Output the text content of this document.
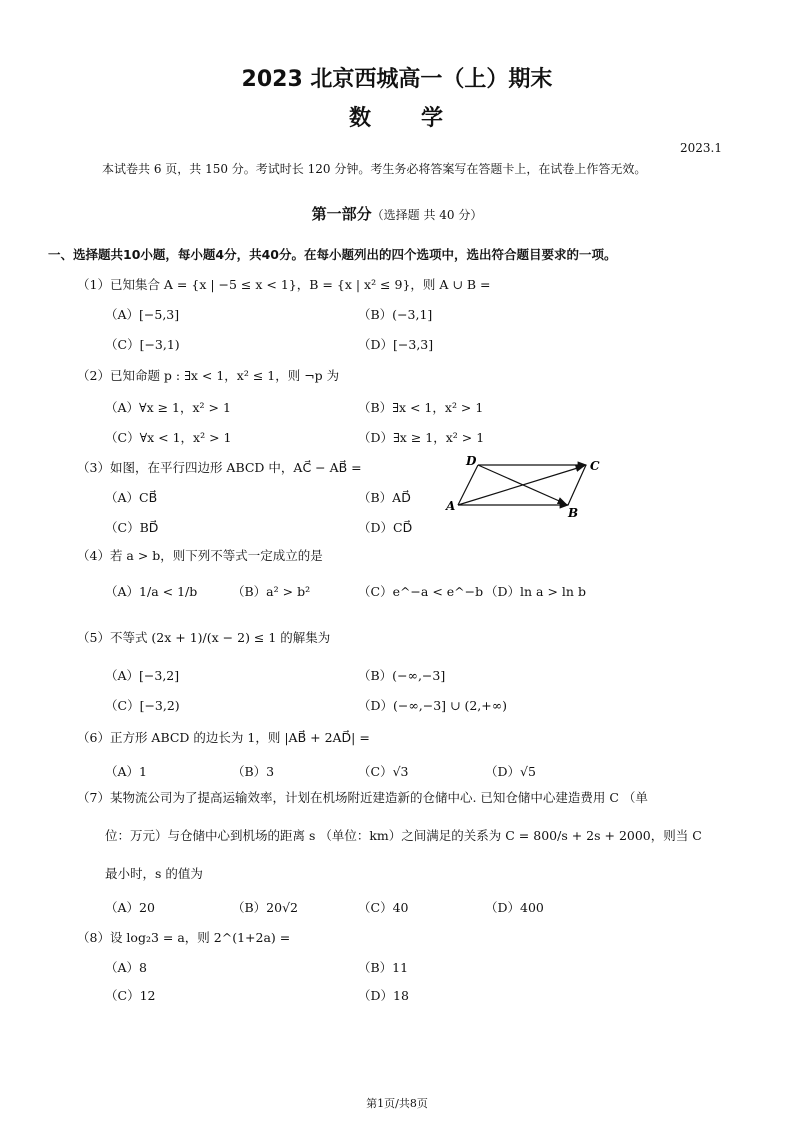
2023 北京西城高一（上）期末
数　　学
2023.1
本试卷共 6 页，共 150 分。考试时长 120 分钟。考生务必将答案写在答题卡上，在试卷上作答无效。
第一部分（选择题 共 40 分）
一、选择题共10小题，每小题4分，共40分。在每小题列出的四个选项中，选出符合题目要求的一项。
（1）已知集合 A = {x | −5 ≤ x < 1}，B = {x | x² ≤ 9}，则 A ∪ B =
（A）[−5,3]	（B）(−3,1]
（C）[−3,1)	（D）[−3,3]
（2）已知命题 p : ∃x < 1，x² ≤ 1，则 ¬p 为
（A）∀x ≥ 1，x² > 1	（B）∃x < 1，x² > 1
（C）∀x < 1，x² > 1	（D）∃x ≥ 1，x² > 1
（3）如图，在平行四边形 ABCD 中，AC⃗ − AB⃗ =
（A）CB⃗	（B）AD⃗
（C）BD⃗	（D）CD⃗
D	C
A	B
（4）若 a > b，则下列不等式一定成立的是
（A）1/a < 1/b	（B）a² > b²	（C）e^−a < e^−b （D）ln a > ln b
（5）不等式 (2x + 1)/(x − 2) ≤ 1 的解集为
（A）[−3,2]	（B）(−∞,−3]
（C）[−3,2)	（D）(−∞,−3] ∪ (2,+∞)
（6）正方形 ABCD 的边长为 1，则 |AB⃗ + 2AD⃗| =
（A）1	（B）3	（C）√3	（D）√5
（7）某物流公司为了提高运输效率，计划在机场附近建造新的仓储中心. 已知仓储中心建造费用 C （单
位：万元）与仓储中心到机场的距离 s （单位：km）之间满足的关系为 C = 800/s + 2s + 2000，则当 C
最小时，s 的值为
（A）20	（B）20√2	（C）40	（D）400
（8）设 log₂3 = a，则 2^(1+2a) =
（A）8	（B）11
（C）12	（D）18
第1页/共8页
